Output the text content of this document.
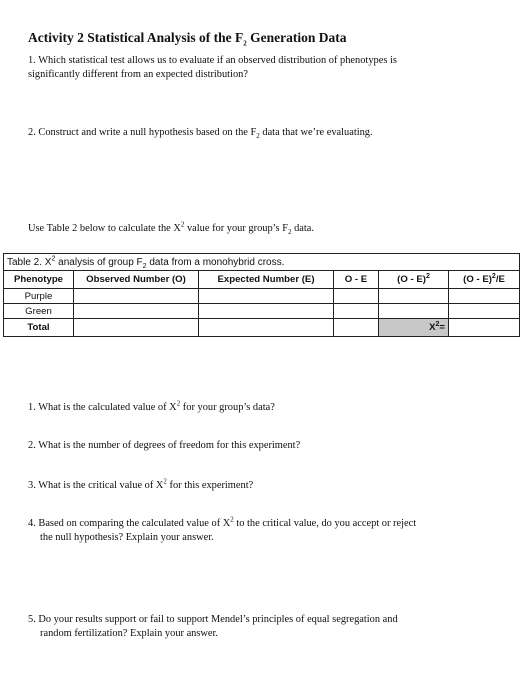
Activity 2 Statistical Analysis of the $F_2$ Generation Data
1. Which statistical test allows us to evaluate if an observed distribution of phenotypes is
significantly different from an expected distribution?
2. Construct and write a null hypothesis based on the $F_2$ data that we’re evaluating.
Use Table 2 below to calculate the $X^2$ value for your group’s $F_2$ data.
Table 2. $X^2$ analysis of group $F_2$ data from a monohybrid cross.					
Phenotype	Observed Number (O)	Expected Number (E)	O - E	(O - E)$^2$	(O - E)$^2$/E
Purple					
Green					
Total				$X^2=$	
1. What is the calculated value of $X^2$ for your group’s data?
2. What is the number of degrees of freedom for this experiment?
3. What is the critical value of $X^2$ for this experiment?
4. Based on comparing the calculated value of $X^2$ to the critical value, do you accept or reject
the null hypothesis? Explain your answer.
5. Do your results support or fail to support Mendel’s principles of equal segregation and
random fertilization? Explain your answer.
